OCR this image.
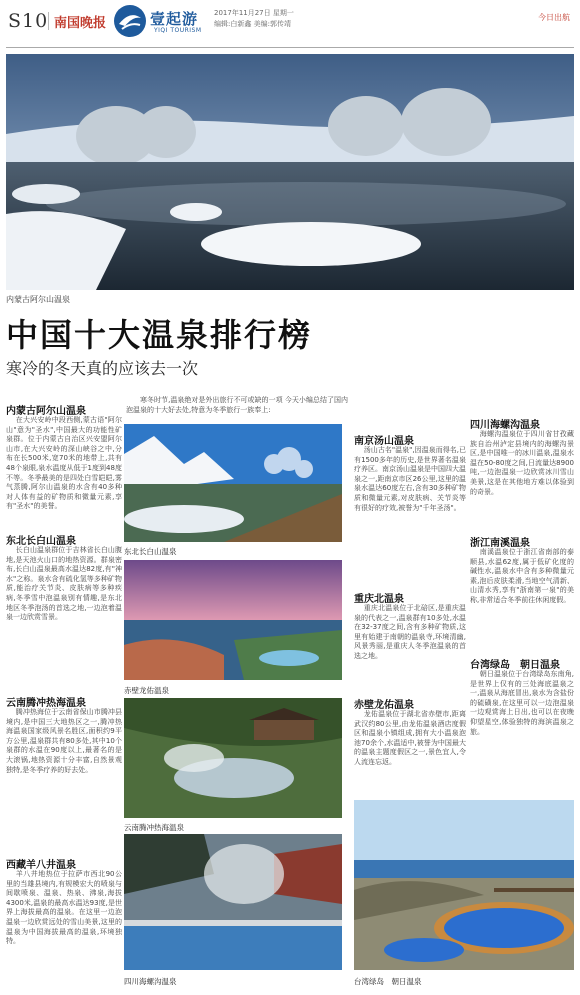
S10 南国晚报	壹起游
YIQI TOURISM
2017年11月27日 星期一
编辑:白新鑫 美编:郭传靖
今日出航
内蒙古阿尔山温泉
中国十大温泉排行榜
寒冷的冬天真的应该去一次
内蒙古阿尔山温泉
在大兴安岭中段西侧,蒙古语"阿尔山"意为"圣水",中国最大的功能性矿泉群。位于内蒙古自治区兴安盟阿尔山市,在大兴安岭的深山峡谷之中,分布在长500米,宽70米的地带上,共有48个泉眼,泉水温度从低于1度到48度不等。冬季最美的是四处白雪皑皑,雾气蒸腾,阿尔山温泉的水含有40多种对人体有益的矿物质和微量元素,享有"圣水"的美誉。
东北长白山温泉
长白山温泉群位于吉林省长白山腹地,是天池火山口的地热资源。群泉密布,长白山温泉最高水温达82度,有"神水"之称。泉水含有硫化氢等多种矿物质,能治疗关节炎、皮肤病等多种疾病,冬季雪中泡温泉别有情趣,是东北地区冬季泡汤的首选之地,一边泡着温泉一边欣赏雪景。
云南腾冲热海温泉
腾冲热海位于云南省保山市腾冲县境内,是中国三大地热区之一,腾冲热海温泉国家级风景名胜区,面积约9平方公里,温泉群共有80多处,其中10个泉群的水温在90度以上,最著名的是大滚锅,地热资源十分丰富,自然景观独特,是冬季疗养的好去处。
西藏羊八井温泉
羊八井地热位于拉萨市西北90公里的当雄县境内,有规模宏大的喷泉与间歇喷泉、温泉、热泉、沸泉,海拔4300米,温泉的最高水温达93度,是世界上海拔最高的温泉。在这里一边泡温泉一边欣赏远处的雪山美景,这里的温泉为中国海拔最高的温泉,环境独特。
寒冬时节,温泉绝对是外出旅行不可或缺的一项 今天小编总结了国内泡温泉的十大好去处,特意为冬季旅行一族奉上:
东北长白山温泉
赤壁龙佑温泉
云南腾冲热海温泉
四川海螺沟温泉
南京汤山温泉
汤山古名"温泉",因温泉而得名,已有1500多年的历史,是世界著名温泉疗养区。南京汤山温泉是中国四大温泉之一,距南京市区26公里,这里的温泉水温达60度左右,含有30多种矿物质和微量元素,对皮肤病、关节炎等有很好的疗效,被誉为"千年圣汤"。
重庆北温泉
重庆北温泉位于北碚区,是重庆温泉的代表之一,温泉群有10多处,水温在32-37度之间,含有多种矿物质,这里有始建于南朝的温泉寺,环境清幽,风景秀丽,是重庆人冬季泡温泉的首选之地。
赤壁龙佑温泉
龙佑温泉位于湖北省赤壁市,距离武汉约80公里,由龙佑温泉酒店度假区和温泉小镇组成,拥有大小温泉泡池70余个,水温适中,被誉为中国最大的温泉主题度假区之一,景色宜人,令人流连忘返。
四川海螺沟温泉
海螺沟温泉位于四川省甘孜藏族自治州泸定县境内的海螺沟景区,是中国唯一的冰川温泉,温泉水温在50-80度之间,日流量达8900吨,一边泡温泉一边欣赏冰川雪山美景,这是在其他地方难以体验到的奇景。
浙江南溪温泉
南溪温泉位于浙江省南部的泰顺县,水温62度,属于低矿化度的碱性水,温泉水中含有多种微量元素,泡后皮肤柔滑,当地空气清新、山清水秀,享有"浙南第一泉"的美称,非常适合冬季前往休闲度假。
台湾绿岛　朝日温泉
朝日温泉位于台湾绿岛东南角,是世界上仅有的三处海底温泉之一,温泉从海底冒出,泉水为含盐份的硫磺泉,在这里可以一边泡温泉一边观赏海上日出,也可以在夜晚仰望星空,体验独特的海滨温泉之旅。
台湾绿岛　朝日温泉
